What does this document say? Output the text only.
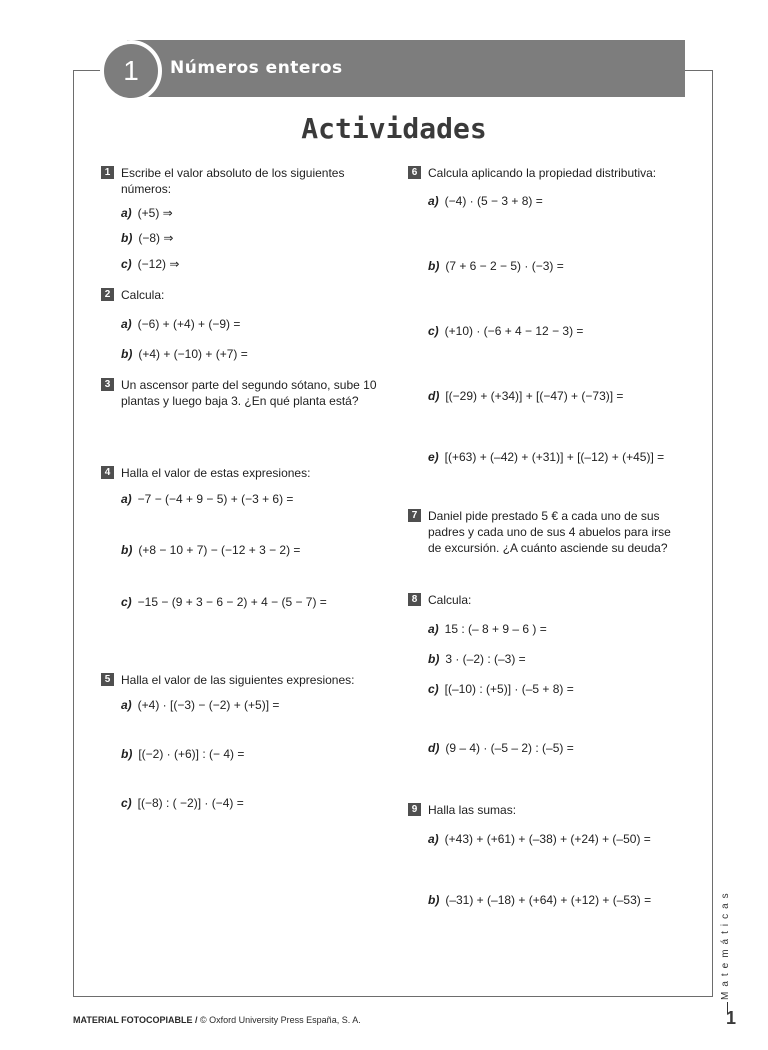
1	Números enteros
Actividades
1 Escribe el valor absoluto de los siguientes números:
a) (+5) ⇒
b) (−8) ⇒
c) (−12) ⇒
2 Calcula:
a) (−6) + (+4) + (−9) =
b) (+4) + (−10) + (+7) =
3 Un ascensor parte del segundo sótano, sube 10 plantas y luego baja 3. ¿En qué planta está?
4 Halla el valor de estas expresiones:
a) −7 − (−4 + 9 − 5) + (−3 + 6) =
b) (+8 − 10 + 7) − (−12 + 3 − 2) =
c) −15 − (9 + 3 − 6 − 2) + 4 − (5 − 7) =
5 Halla el valor de las siguientes expresiones:
a) (+4) · [(−3) − (−2) + (+5)] =
b) [(−2) · (+6)] : (− 4) =
c) [(−8) : ( −2)] · (−4) =
6 Calcula aplicando la propiedad distributiva:
a) (−4) · (5 − 3 + 8) =
b) (7 + 6 − 2 − 5) · (−3) =
c) (+10) · (−6 + 4 − 12 − 3) =
d) [(−29) + (+34)] + [(−47) + (−73)] =
e) [(+63) + (–42) + (+31)] + [(–12) + (+45)] =
7 Daniel pide prestado 5 € a cada uno de sus padres y cada uno de sus 4 abuelos para irse de excursión. ¿A cuánto asciende su deuda?
8 Calcula:
a) 15 : (– 8 + 9 – 6 ) =
b) 3 · (–2) : (–3) =
c) [(–10) : (+5)] · (–5 + 8) =
d) (9 – 4) · (–5 – 2) : (–5) =
9 Halla las sumas:
a) (+43) + (+61) + (–38) + (+24) + (–50) =
b) (–31) + (–18) + (+64) + (+12) + (–53) =
MATERIAL FOTOCOPIABLE / © Oxford University Press España, S. A.
Matemáticas
1
